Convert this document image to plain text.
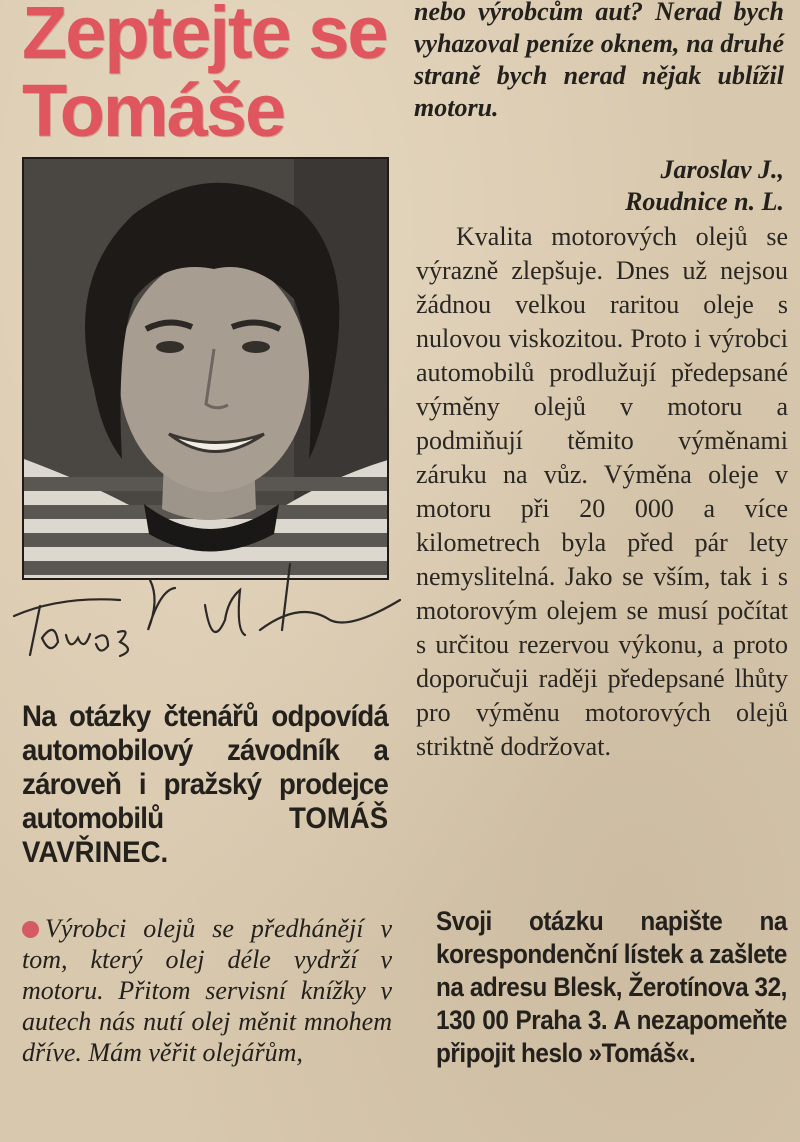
Zeptejte se
Tomáše
Na otázky čtenářů odpovídá automobilový závodník a zároveň i pražský prodejce automobilů	TOMÁŠ VAVŘINEC.
Výrobci olejů se předhánějí v tom, který olej déle vydrží v motoru. Přitom servisní knížky v autech nás nutí olej měnit mnohem dříve. Mám věřit olejářům,
nebo výrobcům aut? Nerad bych vyhazoval peníze oknem, na druhé straně bych nerad nějak ublížil motoru.
Jaroslav J.,
Roudnice n. L.

Kvalita motorových olejů se výrazně zlepšuje. Dnes už nejsou žádnou velkou raritou oleje s nulovou viskozitou. Proto i výrobci automobilů prodlužují předepsané výměny olejů v motoru a podmiňují těmito výměnami záruku na vůz. Výměna oleje v motoru při 20 000 a více kilometrech byla před pár lety nemyslitelná. Jako se vším, tak i s motorovým olejem se musí počítat s určitou rezervou výkonu, a proto doporučuji raději předepsané lhůty pro výměnu motorových olejů striktně dodržovat.

Svoji otázku napište na korespondenční lístek a zašlete na adresu Blesk, Žerotínova 32, 130 00 Praha 3. A nezapomeňte připojit heslo »Tomáš«.
